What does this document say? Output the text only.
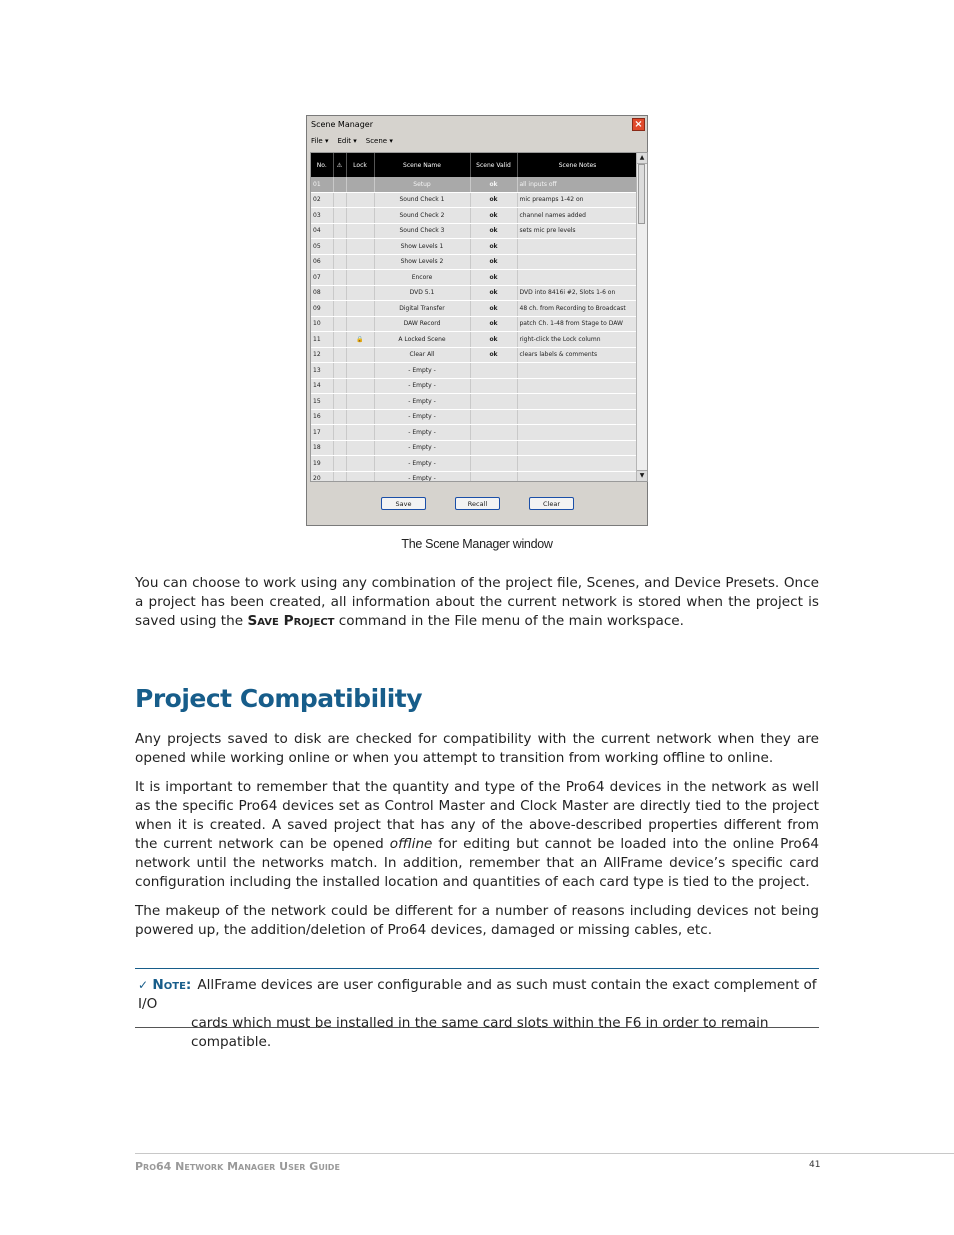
Scene Manager	×
File ▾ Edit ▾ Scene ▾
No.	⚠	Lock	Scene Name	Scene Valid	Scene Notes
01			Setup	ok	all inputs off
02			Sound Check 1	ok	mic preamps 1-42 on
03			Sound Check 2	ok	channel names added
04			Sound Check 3	ok	sets mic pre levels
05			Show Levels 1	ok	
06			Show Levels 2	ok	
07			Encore	ok	
08			DVD 5.1	ok	DVD into 8416i #2, Slots 1-6 on
09			Digital Transfer	ok	48 ch. from Recording to Broadcast
10			DAW Record	ok	patch Ch. 1-48 from Stage to DAW
11		🔒	A Locked Scene	ok	right-click the Lock column
12			Clear All	ok	clears labels & comments
13			- Empty -		
14			- Empty -		
15			- Empty -		
16			- Empty -		
17			- Empty -		
18			- Empty -		
19			- Empty -		
20			- Empty -		
▲
▼
Save	Recall	Clear
The Scene Manager window

You can choose to work using any combination of the project file, Scenes, and Device Presets. Once a project has been created, all information about the current network is stored when the project is saved using the Save Project command in the File menu of the main workspace.

Project Compatibility

Any projects saved to disk are checked for compatibility with the current network when they are opened while working online or when you attempt to transition from working offline to online.

It is important to remember that the quantity and type of the Pro64 devices in the network as well as the specific Pro64 devices set as Control Master and Clock Master are directly tied to the project when it is created. A saved project that has any of the above-described properties different from the current network can be opened offline for editing but cannot be loaded into the online Pro64 network until the networks match. In addition, remember that an AllFrame device’s specific card configuration including the installed location and quantities of each card type is tied to the project.

The makeup of the network could be different for a number of reasons including devices not being powered up, the addition/deletion of Pro64 devices, damaged or missing cables, etc.

✓ Note: AllFrame devices are user configurable and as such must contain the exact complement of I/O
cards which must be installed in the same card slots within the F6 in order to remain compatible.
Pro64 Network Manager User Guide	41
